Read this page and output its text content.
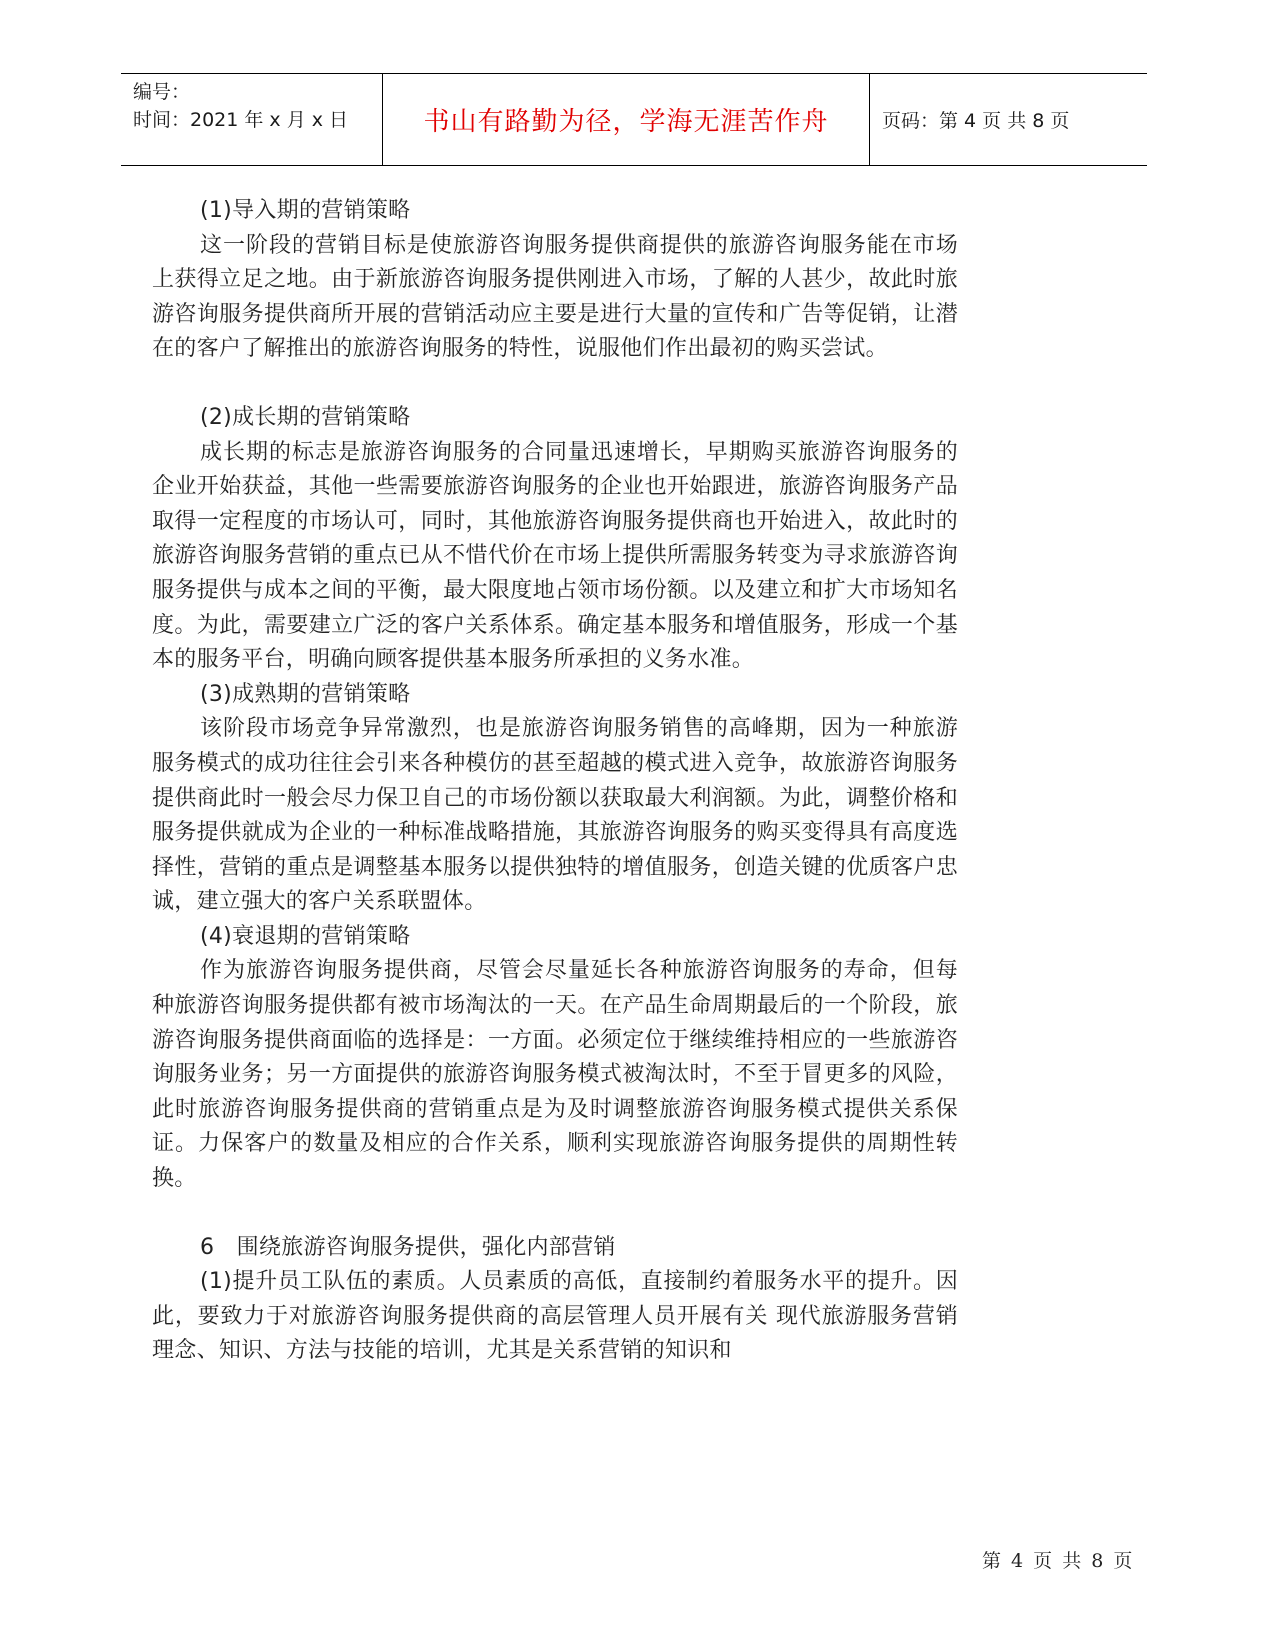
编号：
时间：2021 年 x 月 x 日	书山有路勤为径，学海无涯苦作舟	页码：第 4 页 共 8 页

(1)导入期的营销策略

这一阶段的营销目标是使旅游咨询服务提供商提供的旅游咨询服务能在市场上获得立足之地。由于新旅游咨询服务提供刚进入市场，了解的人甚少，故此时旅游咨询服务提供商所开展的营销活动应主要是进行大量的宣传和广告等促销，让潜在的客户了解推出的旅游咨询服务的特性，说服他们作出最初的购买尝试。

(2)成长期的营销策略

成长期的标志是旅游咨询服务的合同量迅速增长，早期购买旅游咨询服务的企业开始获益，其他一些需要旅游咨询服务的企业也开始跟进，旅游咨询服务产品取得一定程度的市场认可，同时，其他旅游咨询服务提供商也开始进入，故此时的旅游咨询服务营销的重点已从不惜代价在市场上提供所需服务转变为寻求旅游咨询服务提供与成本之间的平衡，最大限度地占领市场份额。以及建立和扩大市场知名度。为此，需要建立广泛的客户关系体系。确定基本服务和增值服务，形成一个基本的服务平台，明确向顾客提供基本服务所承担的义务水准。

(3)成熟期的营销策略

该阶段市场竞争异常激烈，也是旅游咨询服务销售的高峰期，因为一种旅游服务模式的成功往往会引来各种模仿的甚至超越的模式进入竞争，故旅游咨询服务提供商此时一般会尽力保卫自己的市场份额以获取最大利润额。为此，调整价格和服务提供就成为企业的一种标准战略措施，其旅游咨询服务的购买变得具有高度选择性，营销的重点是调整基本服务以提供独特的增值服务，创造关键的优质客户忠诚，建立强大的客户关系联盟体。

(4)衰退期的营销策略

作为旅游咨询服务提供商，尽管会尽量延长各种旅游咨询服务的寿命，但每种旅游咨询服务提供都有被市场淘汰的一天。在产品生命周期最后的一个阶段，旅游咨询服务提供商面临的选择是：一方面。必须定位于继续维持相应的一些旅游咨询服务业务；另一方面提供的旅游咨询服务模式被淘汰时，不至于冒更多的风险，此时旅游咨询服务提供商的营销重点是为及时调整旅游咨询服务模式提供关系保证。力保客户的数量及相应的合作关系，顺利实现旅游咨询服务提供的周期性转换。

6　围绕旅游咨询服务提供，强化内部营销

(1)提升员工队伍的素质。人员素质的高低，直接制约着服务水平的提升。因此，要致力于对旅游咨询服务提供商的高层管理人员开展有关 现代旅游服务营销理念、知识、方法与技能的培训，尤其是关系营销的知识和

第 4 页 共 8 页
